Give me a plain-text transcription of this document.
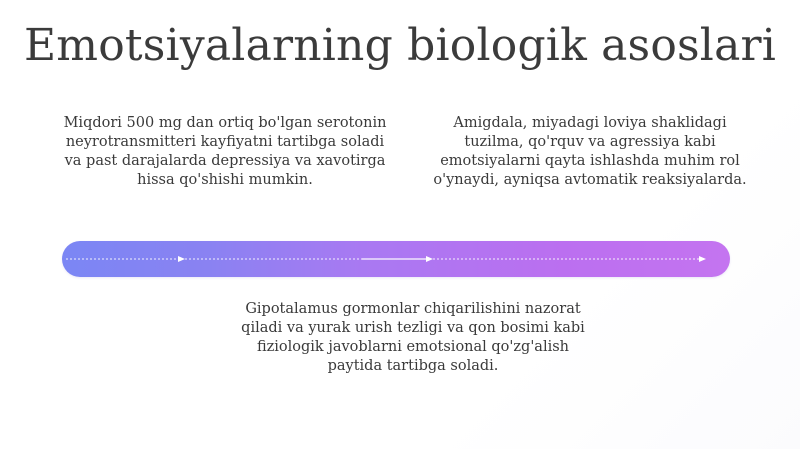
Emotsiyalarning biologik asoslari

Miqdori 500 mg dan ortiq bo'lgan serotonin neyrotransmitteri kayfiyatni tartibga soladi va past darajalarda depressiya va xavotirga hissa qo'shishi mumkin.

Amigdala, miyadagi loviya shaklidagi tuzilma, qo'rquv va agressiya kabi emotsiyalarni qayta ishlashda muhim rol o'ynaydi, ayniqsa avtomatik reaksiyalarda.

Gipotalamus gormonlar chiqarilishini nazorat qiladi va yurak urish tezligi va qon bosimi kabi fiziologik javoblarni emotsional qo'zg'alish paytida tartibga soladi.
